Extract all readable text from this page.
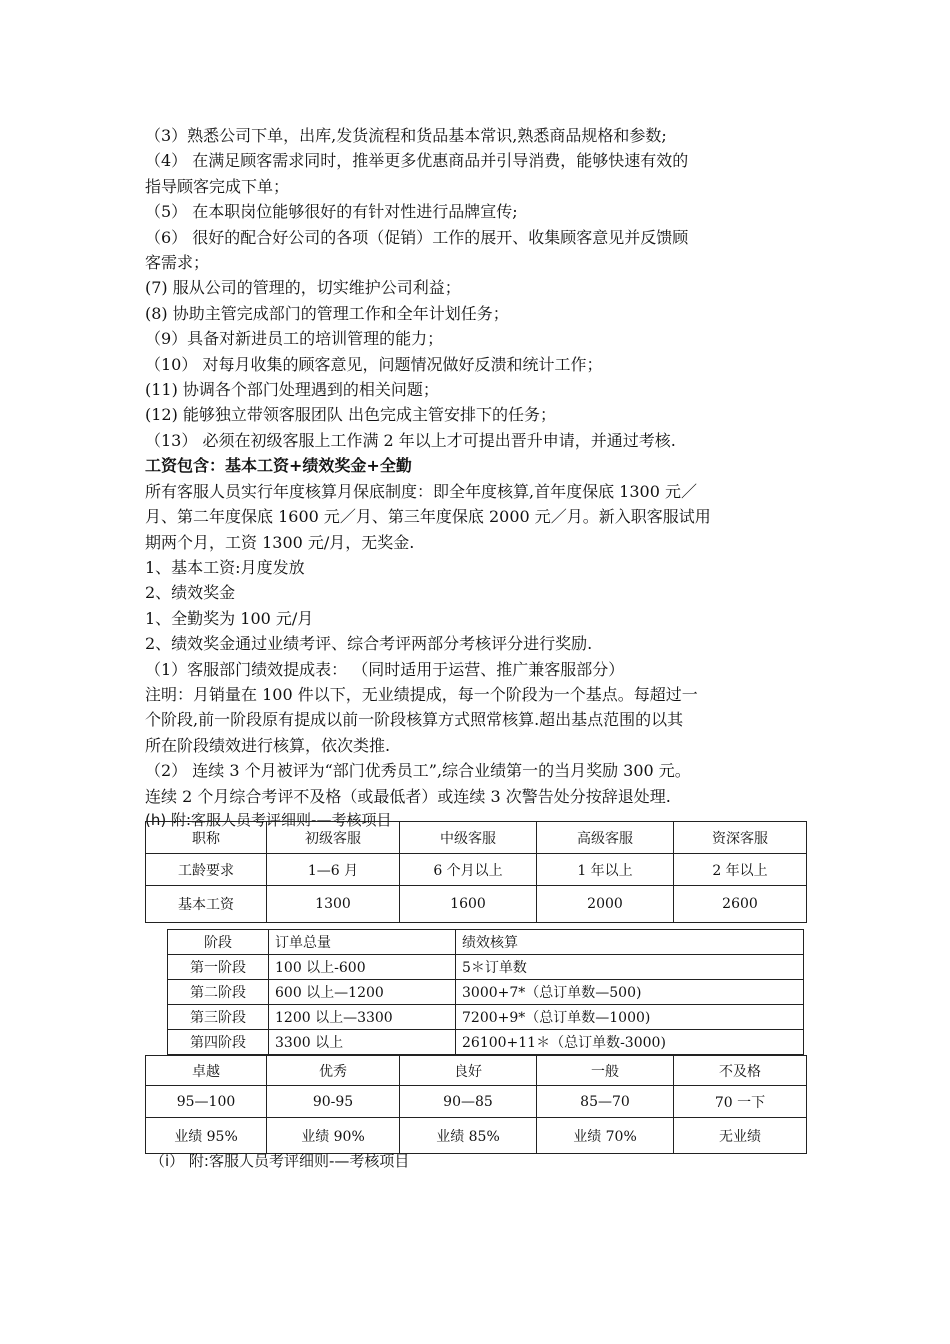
（3）熟悉公司下单，出库,发货流程和货品基本常识,熟悉商品规格和参数;
（4） 在满足顾客需求同时，推举更多优惠商品并引导消费，能够快速有效的
指导顾客完成下单；
（5） 在本职岗位能够很好的有针对性进行品牌宣传;
（6） 很好的配合好公司的各项（促销）工作的展开、收集顾客意见并反馈顾
客需求；
(7) 服从公司的管理的，切实维护公司利益；
(8) 协助主管完成部门的管理工作和全年计划任务；
（9）具备对新进员工的培训管理的能力；
（10） 对每月收集的顾客意见，问题情况做好反溃和统计工作；
(11) 协调各个部门处理遇到的相关问题；
(12) 能够独立带领客服团队 出色完成主管安排下的任务；
（13） 必须在初级客服上工作满 2 年以上才可提出晋升申请，并通过考核.
工资包含：基本工资+绩效奖金+全勤
所有客服人员实行年度核算月保底制度：即全年度核算,首年度保底 1300 元／
月、第二年度保底 1600 元／月、第三年度保底 2000 元／月。新入职客服试用
期两个月，工资 1300 元/月，无奖金.
1、基本工资:月度发放
2、绩效奖金
1、全勤奖为 100 元/月
2、绩效奖金通过业绩考评、综合考评两部分考核评分进行奖励.
（1）客服部门绩效提成表： （同时适用于运营、推广兼客服部分）
注明：月销量在 100 件以下，无业绩提成，每一个阶段为一个基点。每超过一
个阶段,前一阶段原有提成以前一阶段核算方式照常核算.超出基点范围的以其
所在阶段绩效进行核算，依次类推.
（2） 连续 3 个月被评为“部门优秀员工”,综合业绩第一的当月奖励 300 元。
连续 2 个月综合考评不及格（或最低者）或连续 3 次警告处分按辞退处理.
(h) 附:客服人员考评细则-—考核项目
职称	初级客服	中级客服	高级客服	资深客服
工龄要求	1—6 月	6 个月以上	1 年以上	2 年以上
基本工资	1300	1600	2000	2600
阶段	订单总量	绩效核算
第一阶段	100 以上-600	5＊订单数
第二阶段	600 以上—1200	3000+7*（总订单数—500)
第三阶段	1200 以上—3300	7200+9*（总订单数—1000)
第四阶段	3300 以上	26100+11＊（总订单数-3000)
卓越	优秀	良好	一般	不及格
95—100	90-95	90—85	85—70	70 一下
业绩 95%	业绩 90%	业绩 85%	业绩 70%	无业绩
（i） 附:客服人员考评细则-—考核项目
